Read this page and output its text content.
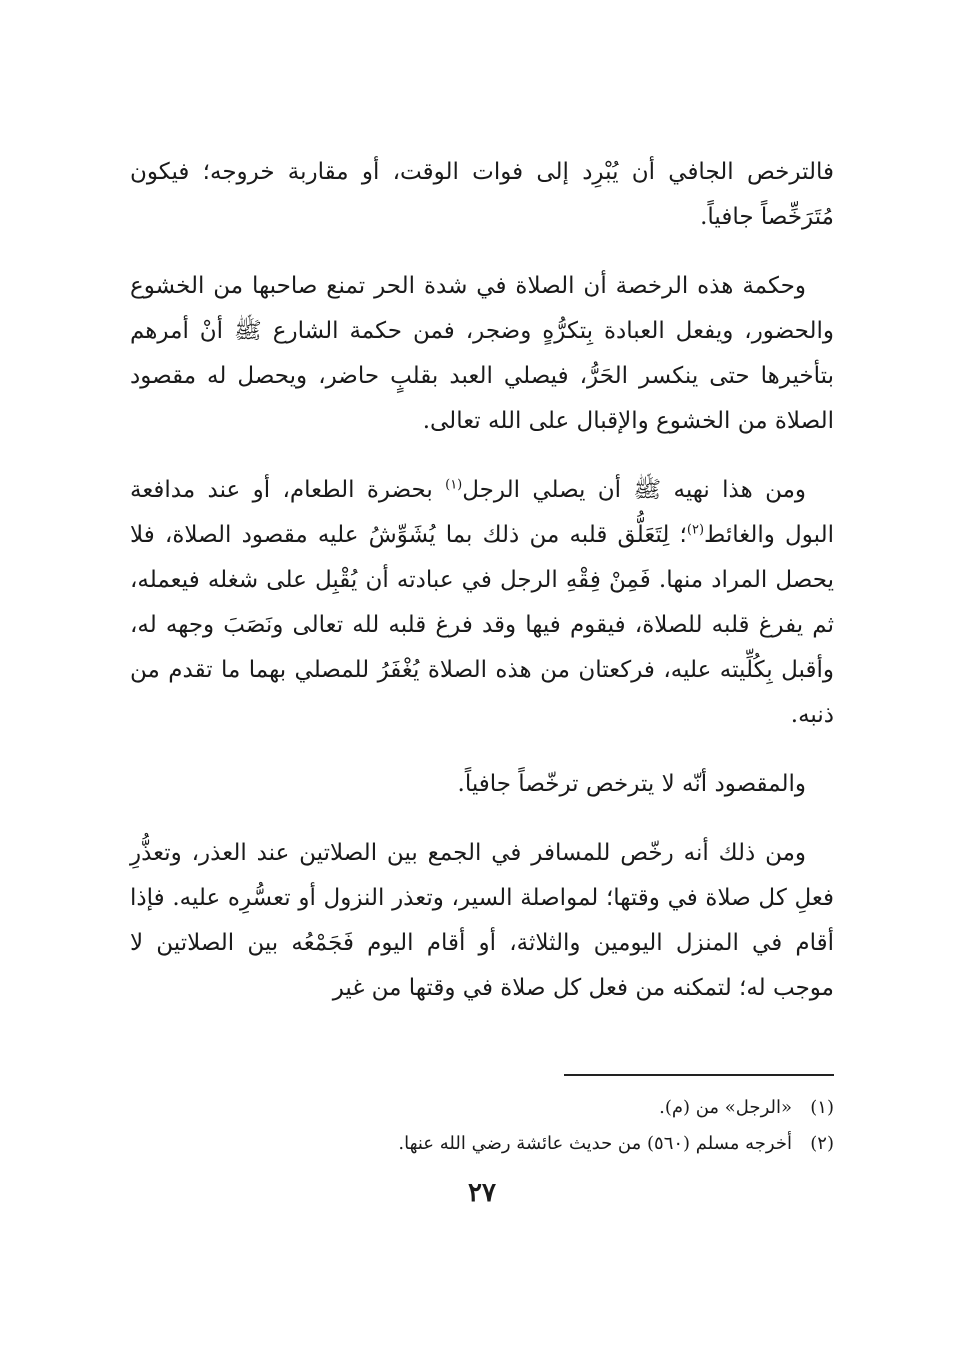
فالترخص الجافي أن يُبْرِد إلى فوات الوقت، أو مقاربة خروجه؛ فيكون مُتَرَخِّصاً جافياً.

وحكمة هذه الرخصة أن الصلاة في شدة الحر تمنع صاحبها من الخشوع والحضور، ويفعل العبادة بِتكرُّهٍ وضجر، فمن حكمة الشارع ﷺ أنْ أمرهم بتأخيرها حتى ينكسر الحَرُّ، فيصلي العبد بقلبٍ حاضر، ويحصل له مقصود الصلاة من الخشوع والإقبال على الله تعالى.

ومن هذا نهيه ﷺ أن يصلي الرجل$^{(١)}$ بحضرة الطعام، أو عند مدافعة البول والغائط$^{(٢)}$؛ لِتَعَلُّق قلبه من ذلك بما يُشَوِّشُ عليه مقصود الصلاة، فلا يحصل المراد منها. فَمِنْ فِقْهِ الرجل في عبادته أن يُقْبِل على شغله فيعمله، ثم يفرغ قلبه للصلاة، فيقوم فيها وقد فرغ قلبه لله تعالى ونَصَبَ وجهه له، وأقبل بِكُلِّيته عليه، فركعتان من هذه الصلاة يُغْفَرُ للمصلي بهما ما تقدم من ذنبه.

والمقصود أنّه لا يترخص ترخّصاً جافياً.

ومن ذلك أنه رخّص للمسافر في الجمع بين الصلاتين عند العذر، وتعذُّرِ فعلِ كل صلاة في وقتها؛ لمواصلة السير، وتعذر النزول أو تعسُّرِه عليه. فإذا أقام في المنزل اليومين والثلاثة، أو أقام اليوم فَجَمْعُه بين الصلاتين لا موجب له؛ لتمكنه من فعل كل صلاة في وقتها من غير

(١)«الرجل» من (م).
(٢)أخرجه مسلم (٥٦٠) من حديث عائشة رضي الله عنها.
٢٧
